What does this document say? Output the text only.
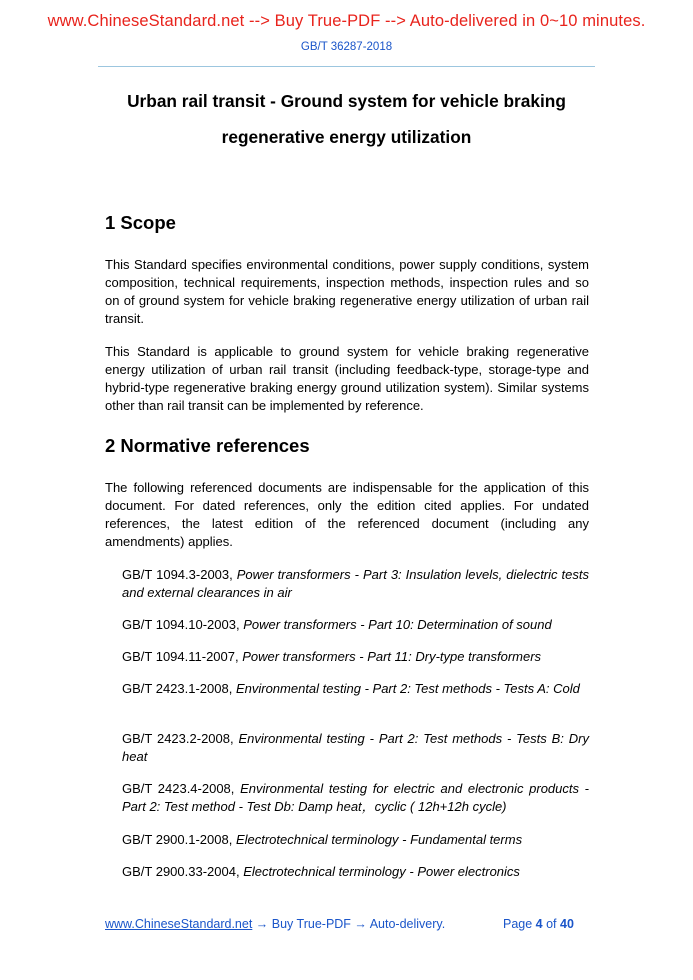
www.ChineseStandard.net --> Buy True-PDF --> Auto-delivered in 0~10 minutes.
GB/T 36287-2018
Urban rail transit - Ground system for vehicle braking
regenerative energy utilization
1 Scope

This Standard specifies environmental conditions, power supply conditions, system composition, technical requirements, inspection methods, inspection rules and so on of ground system for vehicle braking regenerative energy utilization of urban rail transit.

This Standard is applicable to ground system for vehicle braking regenerative energy utilization of urban rail transit (including feedback-type, storage-type and hybrid-type regenerative braking energy ground utilization system). Similar systems other than rail transit can be implemented by reference.

2 Normative references

The following referenced documents are indispensable for the application of this document. For dated references, only the edition cited applies. For undated references, the latest edition of the referenced document (including any amendments) applies.

GB/T 1094.3-2003, Power transformers - Part 3: Insulation levels, dielectric tests and external clearances in air

GB/T 1094.10-2003, Power transformers - Part 10: Determination of sound

GB/T 1094.11-2007, Power transformers - Part 11: Dry-type transformers

GB/T 2423.1-2008, Environmental testing - Part 2: Test methods - Tests A: Cold

GB/T 2423.2-2008, Environmental testing - Part 2: Test methods - Tests B: Dry heat

GB/T 2423.4-2008, Environmental testing for electric and electronic products - Part 2: Test method - Test Db: Damp heat，cyclic ( 12h+12h cycle)

GB/T 2900.1-2008, Electrotechnical terminology - Fundamental terms

GB/T 2900.33-2004, Electrotechnical terminology - Power electronics

www.ChineseStandard.net → Buy True-PDF → Auto-delivery.	Page 4 of 40
